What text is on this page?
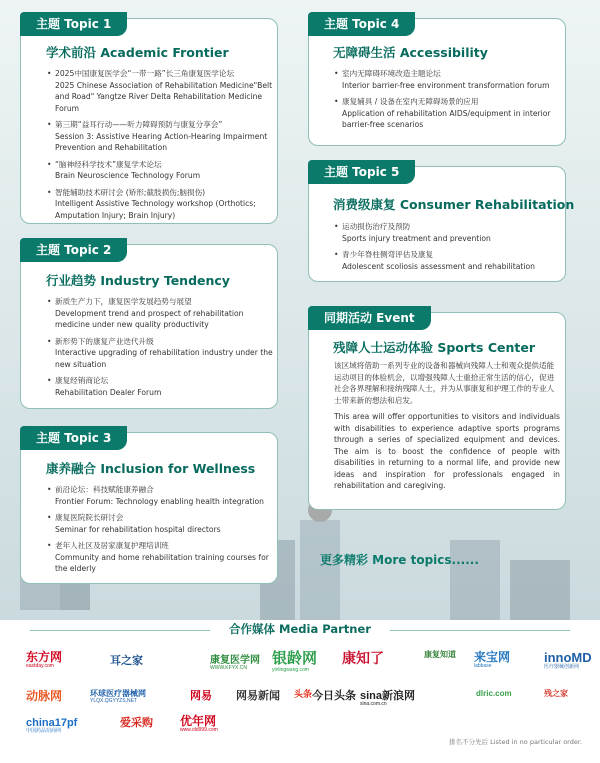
主题 Topic 1
学术前沿 Academic Frontier
• 2025中国康复医学会“一带一路”长三角康复医学论坛
2025 Chinese Association of Rehabilitation Medicine"Belt and Road" Yangtze River Delta Rehabilitation Medicine Forum
• 第三期“益耳行动——听力障碍预防与康复分享会”
Session 3: Assistive Hearing Action-Hearing Impairment Prevention and Rehabilitation
• “脑神经科学技术”康复学术论坛
Brain Neuroscience Technology Forum
• 智能辅助技术研讨会 (矫形;截肢损伤;脑损伤)
Intelligent Assistive Technology workshop (Orthotics; Amputation Injury; Brain Injury)
主题 Topic 2
行业趋势 Industry Tendency
• 新质生产力下，康复医学发展趋势与展望
Development trend and prospect of rehabilitation medicine under new quality productivity
• 新形势下的康复产业迭代升级
Interactive upgrading of rehabilitation industry under the new situation
• 康复经销商论坛
Rehabilitation Dealer Forum
主题 Topic 3
康养融合 Inclusion for Wellness
• 前沿论坛：科技赋能康养融合
Frontier Forum: Technology enabling health integration
• 康复医院院长研讨会
Seminar for rehabilitation hospital directors
• 老年人社区及居家康复护理培训班
Community and home rehabilitation training courses for the elderly
主题 Topic 4
无障碍生活 Accessibility
• 室内无障碍环境改造主题论坛
Interior barrier-free environment transformation forum
• 康复辅具 / 设备在室内无障碍场景的应用
Application of rehabilitation AIDS/equipment in interior barrier-free scenarios
主题 Topic 5
消费级康复 Consumer Rehabilitation
• 运动损伤治疗及预防
Sports injury treatment and prevention
• 青少年脊柱侧弯评估及康复
Adolescent scoliosis assessment and rehabilitation
同期活动 Event
残障人士运动体验 Sports Center

该区域将借助一系列专业的设备和器械向残障人士和观众提供适能运动项目的体验机会，以增强残障人士重拾正常生活的信心，促进社会各界理解和接纳残障人士，并为从事康复和护理工作的专业人士带来新的想法和启发。

This area will offer opportunities to visitors and individuals with disabilities to experience adaptive sports programs through a series of specialized equipment and devices. The aim is to boost the confidence of people with disabilities in returning to a normal life, and provide new ideas and inspiration for professionals engaged in rehabilitation and caregiving.

更多精彩 More topics......
合作媒体 Media Partner
东方网
eastday.com	耳之家	康复医学网
WWW.KFYX.CN
银龄网
yinlingwang.com
康知了	康复知道 来宝网
labbase
innoMD
医疗器械创新网
动脉网	环球医疗器械网
YLQX.QGYYZS.NET	网易 网易新闻 头条 今日头条 sina新浪网
sina.com.cn
爱采购
china17pf
中国药品招商网
优年网
www.old999.com
dlric.com	残之家
排名不分先后 Listed in no particular order.
